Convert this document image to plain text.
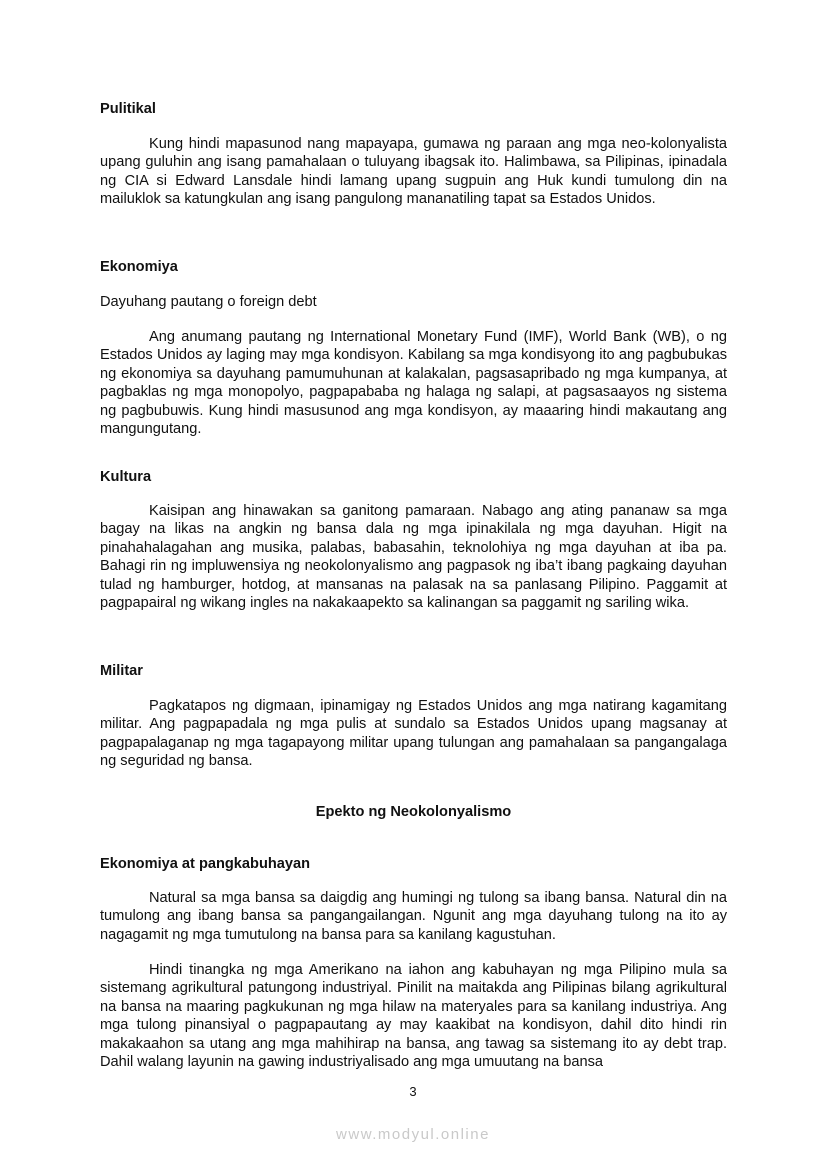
Pulitikal

Kung hindi mapasunod nang mapayapa, gumawa ng paraan ang mga neo-kolonyalista upang guluhin ang isang pamahalaan o tuluyang ibagsak ito. Halimbawa, sa Pilipinas, ipinadala ng CIA si Edward Lansdale hindi lamang upang sugpuin ang Huk kundi tumulong din na mailuklok sa katungkulan ang isang pangulong mananatiling tapat sa Estados Unidos.

Ekonomiya

Dayuhang pautang o foreign debt

Ang anumang pautang ng International Monetary Fund (IMF), World Bank (WB), o ng Estados Unidos ay laging may mga kondisyon. Kabilang sa mga kondisyong ito ang pagbubukas ng ekonomiya sa dayuhang pamumuhunan at kalakalan, pagsasapribado ng mga kumpanya, at pagbaklas ng mga monopolyo, pagpapababa ng halaga ng salapi, at pagsasaayos ng sistema ng pagbubuwis. Kung hindi masusunod ang mga kondisyon, ay maaaring hindi makautang ang mangungutang.

Kultura

Kaisipan ang hinawakan sa ganitong pamaraan. Nabago ang ating pananaw sa mga bagay na likas na angkin ng bansa dala ng mga ipinakilala ng mga dayuhan. Higit na pinahahalagahan ang musika, palabas, babasahin, teknolohiya ng mga dayuhan at iba pa. Bahagi rin ng impluwensiya ng neokolonyalismo ang pagpasok ng iba’t ibang pagkaing dayuhan tulad ng hamburger, hotdog, at mansanas na palasak na sa panlasang Pilipino. Paggamit at pagpapairal ng wikang ingles na nakakaapekto sa kalinangan sa paggamit ng sariling wika.

Militar

Pagkatapos ng digmaan, ipinamigay ng Estados Unidos ang mga natirang kagamitang militar. Ang pagpapadala ng mga pulis at sundalo sa Estados Unidos upang magsanay at pagpapalaganap ng mga tagapayong militar upang tulungan ang pamahalaan sa pangangalaga ng seguridad ng bansa.

Epekto ng Neokolonyalismo
Ekonomiya at pangkabuhayan

Natural sa mga bansa sa daigdig ang humingi ng tulong sa ibang bansa. Natural din na tumulong ang ibang bansa sa pangangailangan. Ngunit ang mga dayuhang tulong na ito ay nagagamit ng mga tumutulong na bansa para sa kanilang kagustuhan.

Hindi tinangka ng mga Amerikano na iahon ang kabuhayan ng mga Pilipino mula sa sistemang agrikultural patungong industriyal. Pinilit na maitakda ang Pilipinas bilang agrikultural na bansa na maaring pagkukunan ng mga hilaw na materyales para sa kanilang industriya. Ang mga tulong pinansiyal o pagpapautang ay may kaakibat na kondisyon, dahil dito hindi rin makakaahon sa utang ang mga mahihirap na bansa, ang tawag sa sistemang ito ay debt trap. Dahil walang layunin na gawing industriyalisado ang mga umuutang na bansa

3
www.modyul.online
